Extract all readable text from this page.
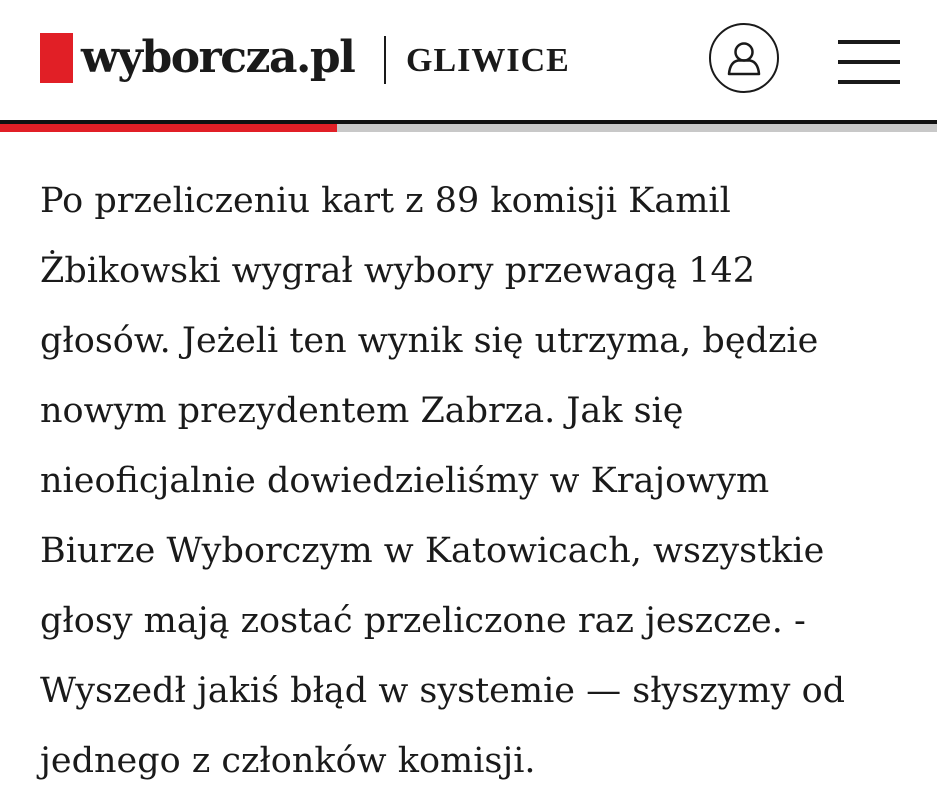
wyborcza.pl GLIWICE

Po przeliczeniu kart z 89 komisji Kamil
Żbikowski wygrał wybory przewagą 142
głosów. Jeżeli ten wynik się utrzyma, będzie
nowym prezydentem Zabrza. Jak się
nieoficjalnie dowiedzieliśmy w Krajowym
Biurze Wyborczym w Katowicach, wszystkie
głosy mają zostać przeliczone raz jeszcze. -
Wyszedł jakiś błąd w systemie — słyszymy od
jednego z członków komisji.
